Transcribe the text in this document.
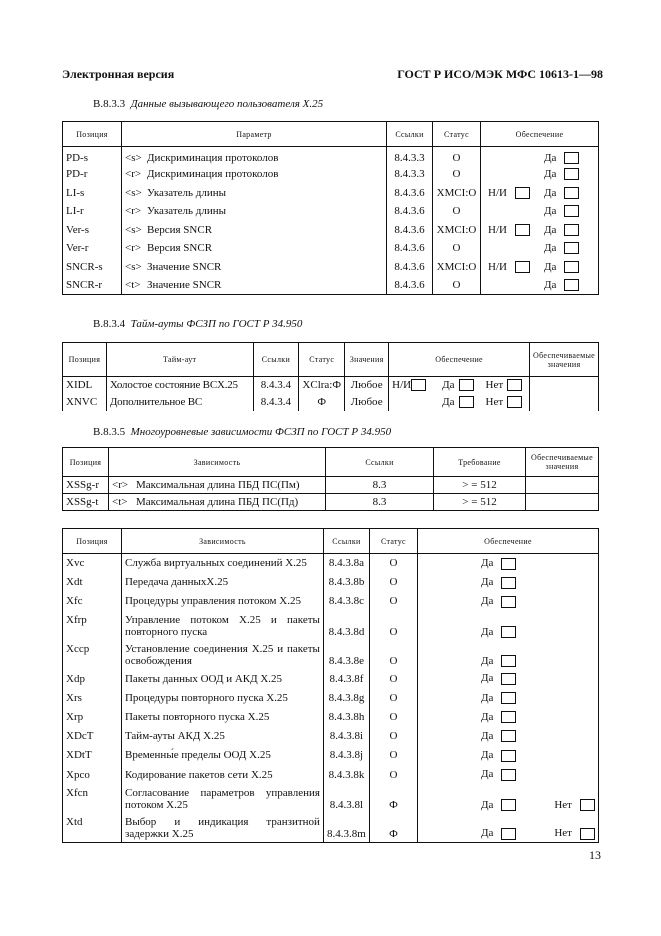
Электронная версия	ГОСТ Р ИСО/МЭК МФС 10613-1—98
B.8.3.3 Данные вызывающего пользователя X.25
Позиция	Параметр	Ссылки	Статус	Обеспечение
PD-s	<s> Дискриминация протоколов	8.4.3.3	O	Да
PD-r	<r> Дискриминация протоколов	8.4.3.3	O	Да
LI-s	<s> Указатель длины	8.4.3.6	XMCI:O	Н/И Да
LI-r	<r> Указатель длины	8.4.3.6	O	Да
Ver-s	<s> Версия SNCR	8.4.3.6	XMCI:O	Н/И Да
Ver-r	<r> Версия SNCR	8.4.3.6	O	Да
SNCR-s	<s> Значение SNCR	8.4.3.6	XMCI:O	Н/И Да
SNCR-r	<t> Значение SNCR	8.4.3.6	O	Да
B.8.3.4 Тайм-ауты ФСЗП по ГОСТ Р 34.950
Позиция	Тайм-аут	Ссылки	Статус	Значения	Обеспечение	Обеспечиваемые значения
XIDL	Холостое состояние ВСX.25	8.4.3.4	XClra:Ф	Любое	Н/И Да Нет	
XNVC	Дополнительное ВС	8.4.3.4	Ф	Любое	Да Нет	
B.8.3.5 Многоуровневые зависимости ФСЗП по ГОСТ Р 34.950
Позиция	Зависимость	Ссылки	Требование	Обеспечиваемые значения
XSSg-r	<r> Максимальная длина ПБД ПС(Пм)	8.3	> = 512	
XSSg-t	<t> Максимальная длина ПБД ПС(Пд)	8.3	> = 512	
Позиция	Зависимость	Ссылки	Статус	Обеспечение
Xvc	Служба виртуальных соединений X.25	8.4.3.8a	O	Да
Xdt	Передача данныхX.25	8.4.3.8b	O	Да
Xfc	Процедуры управления потоком X.25	8.4.3.8c	O	Да
Xfrp	Управление потоком X.25 и пакеты повторного пуска	8.4.3.8d	O	Да
Xccp	Установление соединения X.25 и пакеты освобождения	8.4.3.8e	O	Да
Xdp	Пакеты данных ООД и АКД X.25	8.4.3.8f	O	Да
Xrs	Процедуры повторного пуска X.25	8.4.3.8g	O	Да
Xrp	Пакеты повторного пуска X.25	8.4.3.8h	O	Да
XDcT	Тайм-ауты АКД X.25	8.4.3.8i	O	Да
XDtT	Временны́е пределы ООД X.25	8.4.3.8j	O	Да
Xpco	Кодирование пакетов сети X.25	8.4.3.8k	O	Да
Xfcn	Согласование параметров управления потоком X.25	8.4.3.8l	Ф	Да Нет
Xtd	Выбор и индикация транзитной задержки X.25	8.4.3.8m	Ф	Да Нет
13
